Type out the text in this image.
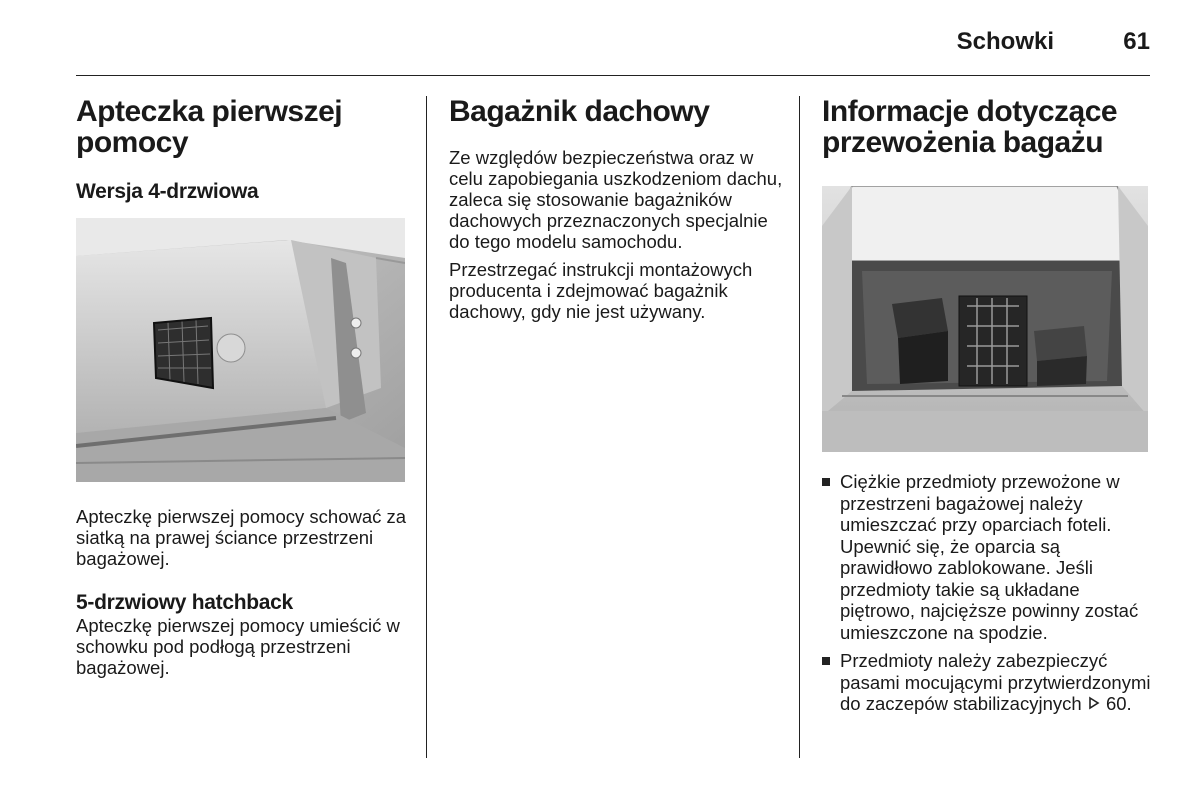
Schowki	61
Apteczka pierwszej pomocy
Wersja 4-drzwiowa

Apteczkę pierwszej pomocy schować za siatką na prawej ściance przestrzeni bagażowej.

5-drzwiowy hatchback

Apteczkę pierwszej pomocy umieścić w schowku pod podłogą przestrzeni bagażowej.

Bagażnik dachowy

Ze względów bezpieczeństwa oraz w celu zapobiegania uszkodzeniom dachu, zaleca się stosowanie bagażników dachowych przeznaczonych specjalnie do tego modelu samochodu.

Przestrzegać instrukcji montażowych producenta i zdejmować bagażnik dachowy, gdy nie jest używany.

Informacje dotyczące przewożenia bagażu
Ciężkie przedmioty przewożone w przestrzeni bagażowej należy umieszczać przy oparciach foteli. Upewnić się, że oparcia są prawidłowo zablokowane. Jeśli przedmioty takie są układane piętrowo, najcięższe powinny zostać umieszczone na spodzie.
Przedmioty należy zabezpieczyć pasami mocującymi przytwierdzonymi do zaczepów stabilizacyjnych 60.
